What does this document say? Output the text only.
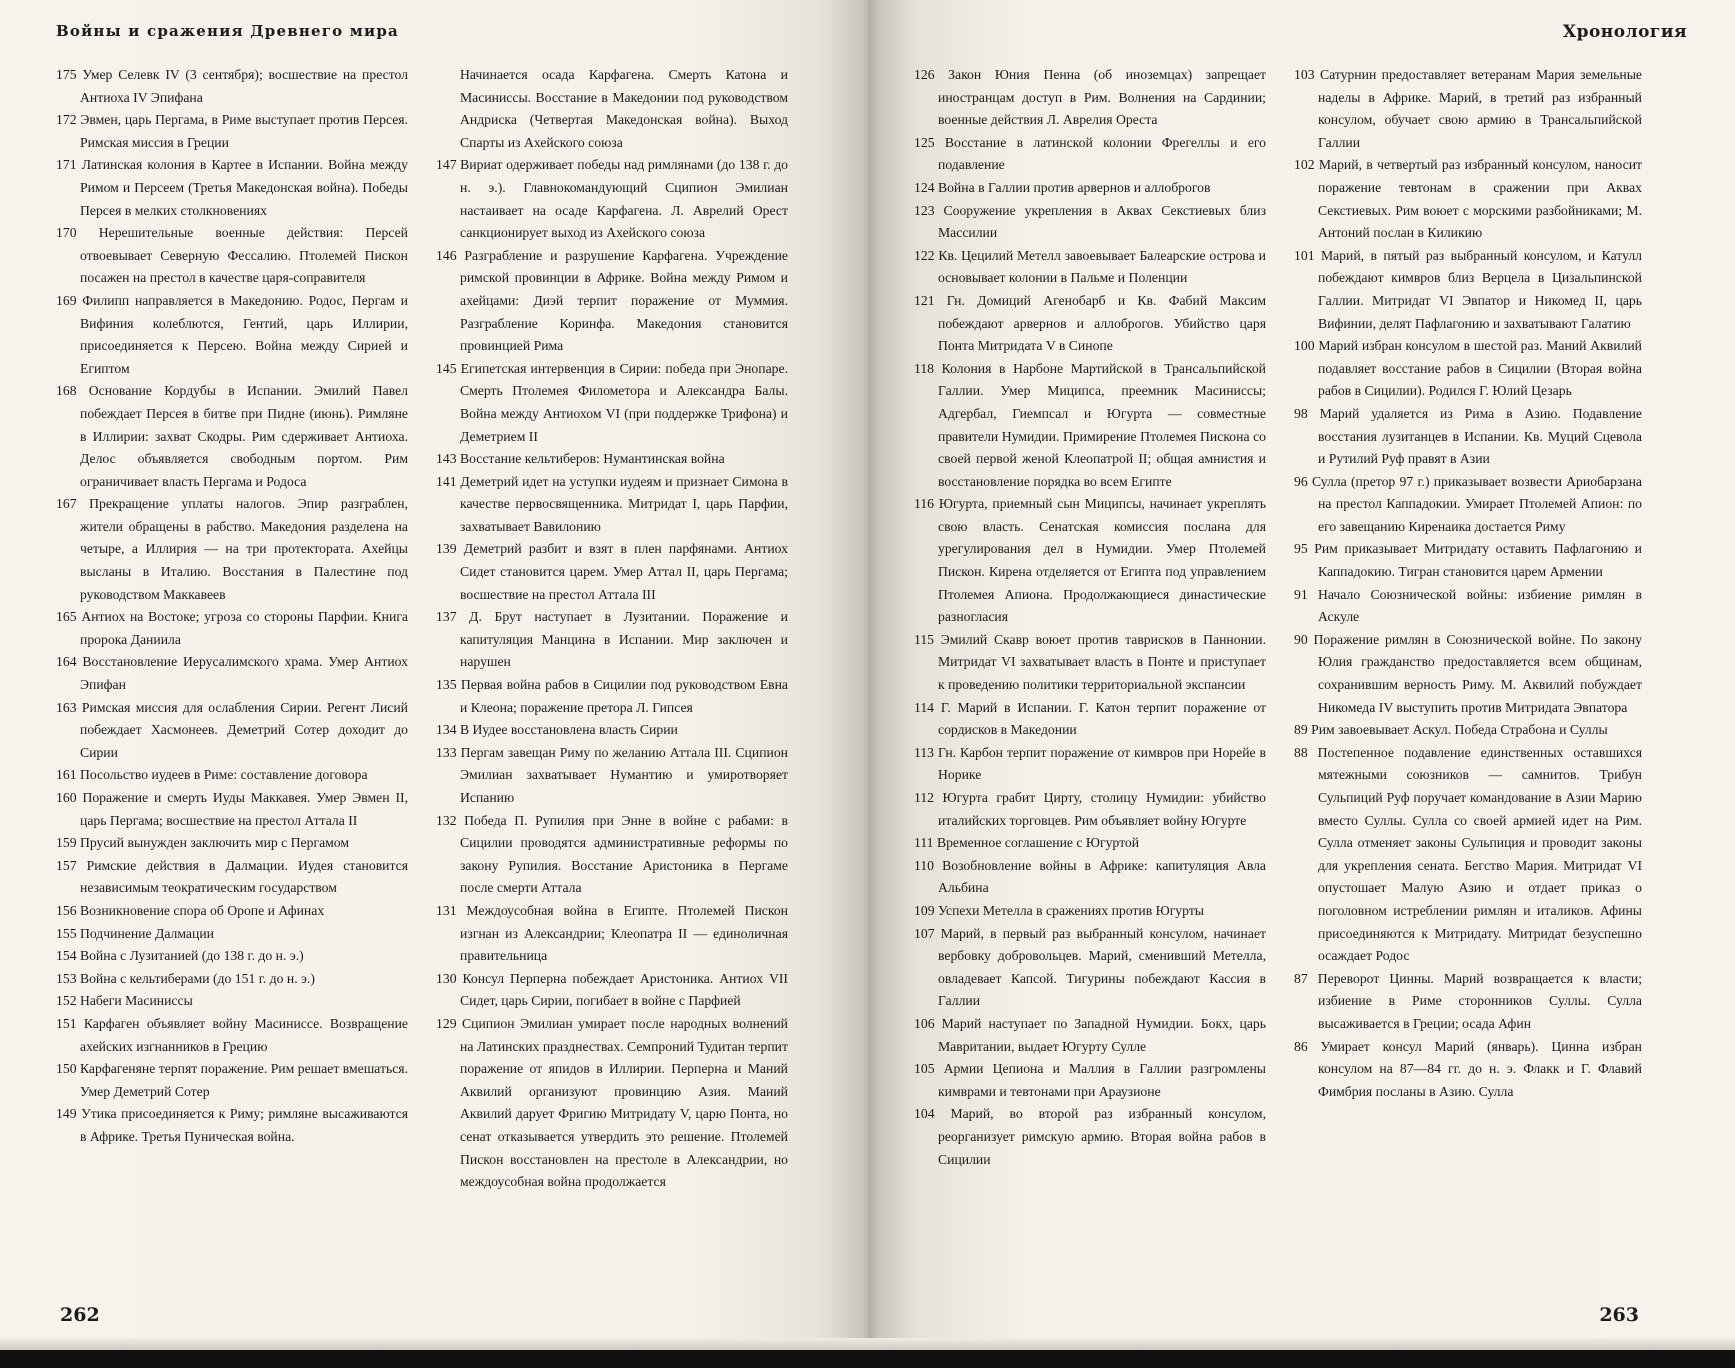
Войны и сражения Древнего мира

175 Умер Селевк IV (3 сентября); восшествие на престол Антиоха IV Эпифана

172 Эвмен, царь Пергама, в Риме выступает против Персея. Римская миссия в Греции

171 Латинская колония в Картее в Испании. Война между Римом и Персеем (Третья Македонская война). Победы Персея в мелких столкновениях

170 Нерешительные военные действия: Персей отвоевывает Северную Фессалию. Птолемей Пискон посажен на престол в качестве царя-соправителя

169 Филипп направляется в Македонию. Родос, Пергам и Вифиния колеблются, Гентий, царь Иллирии, присоединяется к Персею. Война между Сирией и Египтом

168 Основание Кордубы в Испании. Эмилий Павел побеждает Персея в битве при Пидне (июнь). Римляне в Иллирии: захват Скодры. Рим сдерживает Антиоха. Делос объявляется свободным портом. Рим ограничивает власть Пергама и Родоса

167 Прекращение уплаты налогов. Эпир разграблен, жители обращены в рабство. Македония разделена на четыре, а Иллирия — на три протектората. Ахейцы высланы в Италию. Восстания в Палестине под руководством Маккавеев

165 Антиох на Востоке; угроза со стороны Парфии. Книга пророка Даниила

164 Восстановление Иерусалимского храма. Умер Антиох Эпифан

163 Римская миссия для ослабления Сирии. Регент Лисий побеждает Хасмонеев. Деметрий Сотер доходит до Сирии

161 Посольство иудеев в Риме: составление договора

160 Поражение и смерть Иуды Маккавея. Умер Эвмен II, царь Пергама; восшествие на престол Аттала II

159 Прусий вынужден заключить мир с Пергамом

157 Римские действия в Далмации. Иудея становится независимым теократическим государством

156 Возникновение спора об Оропе и Афинах

155 Подчинение Далмации

154 Война с Лузитанией (до 138 г. до н. э.)

153 Война с кельтиберами (до 151 г. до н. э.)

152 Набеги Масиниссы

151 Карфаген объявляет войну Масиниссе. Возвращение ахейских изгнанников в Грецию

150 Карфагеняне терпят поражение. Рим решает вмешаться. Умер Деметрий Сотер

149 Утика присоединяется к Риму; римляне высаживаются в Африке. Третья Пуническая война.

Начинается осада Карфагена. Смерть Катона и Масиниссы. Восстание в Македонии под руководством Андриска (Четвертая Македонская война). Выход Спарты из Ахейского союза

147 Вириат одерживает победы над римлянами (до 138 г. до н. э.). Главнокомандующий Сципион Эмилиан настаивает на осаде Карфагена. Л. Аврелий Орест санкционирует выход из Ахейского союза

146 Разграбление и разрушение Карфагена. Учреждение римской провинции в Африке. Война между Римом и ахейцами: Диэй терпит поражение от Муммия. Разграбление Коринфа. Македония становится провинцией Рима

145 Египетская интервенция в Сирии: победа при Энопаре. Смерть Птолемея Филометора и Александра Балы. Война между Антиохом VI (при поддержке Трифона) и Деметрием II

143 Восстание кельтиберов: Нумантинская война

141 Деметрий идет на уступки иудеям и признает Симона в качестве первосвященника. Митридат I, царь Парфии, захватывает Вавилонию

139 Деметрий разбит и взят в плен парфянами. Антиох Сидет становится царем. Умер Аттал II, царь Пергама; восшествие на престол Аттала III

137 Д. Брут наступает в Лузитании. Поражение и капитуляция Манцина в Испании. Мир заключен и нарушен

135 Первая война рабов в Сицилии под руководством Евна и Клеона; поражение претора Л. Гипсея

134 В Иудее восстановлена власть Сирии

133 Пергам завещан Риму по желанию Аттала III. Сципион Эмилиан захватывает Нумантию и умиротворяет Испанию

132 Победа П. Рупилия при Энне в войне с рабами: в Сицилии проводятся административные реформы по закону Рупилия. Восстание Аристоника в Пергаме после смерти Аттала

131 Междоусобная война в Египте. Птолемей Пискон изгнан из Александрии; Клеопатра II — единоличная правительница

130 Консул Перперна побеждает Аристоника. Антиох VII Сидет, царь Сирии, погибает в войне с Парфией

129 Сципион Эмилиан умирает после народных волнений на Латинских празднествах. Семпроний Тудитан терпит поражение от япидов в Иллирии. Перперна и Маний Аквилий организуют провинцию Азия. Маний Аквилий дарует Фригию Митридату V, царю Понта, но сенат отказывается утвердить это решение. Птолемей Пискон восстановлен на престоле в Александрии, но междоусобная война продолжается

262
Хронология

126 Закон Юния Пенна (об иноземцах) запрещает иностранцам доступ в Рим. Волнения на Сардинии; военные действия Л. Аврелия Ореста

125 Восстание в латинской колонии Фрегеллы и его подавление

124 Война в Галлии против арвернов и аллоброгов

123 Сооружение укрепления в Аквах Секстиевых близ Массилии

122 Кв. Цецилий Метелл завоевывает Балеарские острова и основывает колонии в Пальме и Поленции

121 Гн. Домиций Агенобарб и Кв. Фабий Максим побеждают арвернов и аллоброгов. Убийство царя Понта Митридата V в Синопе

118 Колония в Нарбоне Мартийской в Трансальпийской Галлии. Умер Миципса, преемник Масиниссы; Адгербал, Гиемпсал и Югурта — совместные правители Нумидии. Примирение Птолемея Пискона со своей первой женой Клеопатрой II; общая амнистия и восстановление порядка во всем Египте

116 Югурта, приемный сын Миципсы, начинает укреплять свою власть. Сенатская комиссия послана для урегулирования дел в Нумидии. Умер Птолемей Пискон. Кирена отделяется от Египта под управлением Птолемея Апиона. Продолжающиеся династические разногласия

115 Эмилий Скавр воюет против таврисков в Паннонии. Митридат VI захватывает власть в Понте и приступает к проведению политики территориальной экспансии

114 Г. Марий в Испании. Г. Катон терпит поражение от сордисков в Македонии

113 Гн. Карбон терпит поражение от кимвров при Норейе в Норике

112 Югурта грабит Цирту, столицу Нумидии: убийство италийских торговцев. Рим объявляет войну Югурте

111 Временное соглашение с Югуртой

110 Возобновление войны в Африке: капитуляция Авла Альбина

109 Успехи Метелла в сражениях против Югурты

107 Марий, в первый раз выбранный консулом, начинает вербовку добровольцев. Марий, сменивший Метелла, овладевает Капсой. Тигурины побеждают Кассия в Галлии

106 Марий наступает по Западной Нумидии. Бокх, царь Мавритании, выдает Югурту Сулле

105 Армии Цепиона и Маллия в Галлии разгромлены кимврами и тевтонами при Араузионе

104 Марий, во второй раз избранный консулом, реорганизует римскую армию. Вторая война рабов в Сицилии

103 Сатурнин предоставляет ветеранам Мария земельные наделы в Африке. Марий, в третий раз избранный консулом, обучает свою армию в Трансальпийской Галлии

102 Марий, в четвертый раз избранный консулом, наносит поражение тевтонам в сражении при Аквах Секстиевых. Рим воюет с морскими разбойниками; М. Антоний послан в Киликию

101 Марий, в пятый раз выбранный консулом, и Катулл побеждают кимвров близ Верцела в Цизальпинской Галлии. Митридат VI Эвпатор и Никомед II, царь Вифинии, делят Пафлагонию и захватывают Галатию

100 Марий избран консулом в шестой раз. Маний Аквилий подавляет восстание рабов в Сицилии (Вторая война рабов в Сицилии). Родился Г. Юлий Цезарь

98 Марий удаляется из Рима в Азию. Подавление восстания лузитанцев в Испании. Кв. Муций Сцевола и Рутилий Руф правят в Азии

96 Сулла (претор 97 г.) приказывает возвести Ариобарзана на престол Каппадокии. Умирает Птолемей Апион: по его завещанию Киренаика достается Риму

95 Рим приказывает Митридату оставить Пафлагонию и Каппадокию. Тигран становится царем Армении

91 Начало Союзнической войны: избиение римлян в Аскуле

90 Поражение римлян в Союзнической войне. По закону Юлия гражданство предоставляется всем общинам, сохранившим верность Риму. М. Аквилий побуждает Никомеда IV выступить против Митридата Эвпатора

89 Рим завоевывает Аскул. Победа Страбона и Суллы

88 Постепенное подавление единственных оставшихся мятежными союзников — самнитов. Трибун Сульпиций Руф поручает командование в Азии Марию вместо Суллы. Сулла со своей армией идет на Рим. Сулла отменяет законы Сульпиция и проводит законы для укрепления сената. Бегство Мария. Митридат VI опустошает Малую Азию и отдает приказ о поголовном истреблении римлян и италиков. Афины присоединяются к Митридату. Митридат безуспешно осаждает Родос

87 Переворот Цинны. Марий возвращается к власти; избиение в Риме сторонников Суллы. Сулла высаживается в Греции; осада Афин

86 Умирает консул Марий (январь). Цинна избран консулом на 87—84 гг. до н. э. Флакк и Г. Флавий Фимбрия посланы в Азию. Сулла

263
